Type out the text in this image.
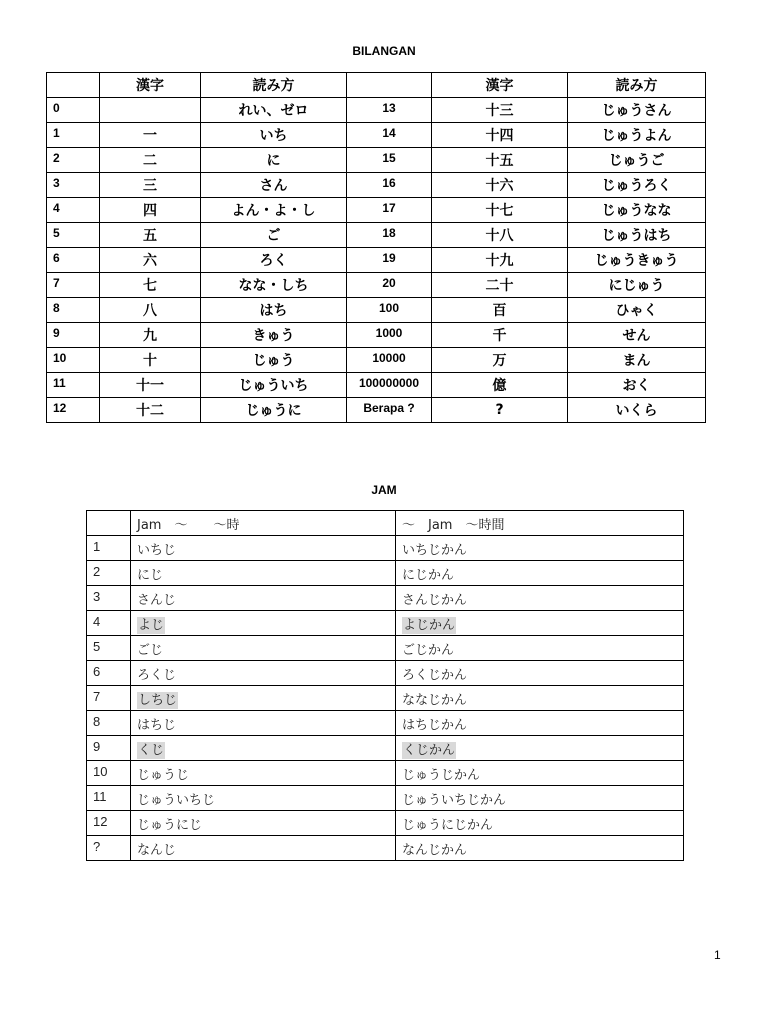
BILANGAN
	漢字	読み方		漢字	読み方
0		れい、ゼロ	13	十三	じゅうさん
1	一	いち	14	十四	じゅうよん
2	二	に	15	十五	じゅうご
3	三	さん	16	十六	じゅうろく
4	四	よん・よ・し	17	十七	じゅうなな
5	五	ご	18	十八	じゅうはち
6	六	ろく	19	十九	じゅうきゅう
7	七	なな・しち	20	二十	にじゅう
8	八	はち	100	百	ひゃく
9	九	きゅう	1000	千	せん
10	十	じゅう	10000	万	まん
11	十一	じゅういち	100000000	億	おく
12	十二	じゅうに	Berapa ?	?	いくら
JAM
	Jam　～　　～時	～　Jam　～時間
1	いちじ	いちじかん
2	にじ	にじかん
3	さんじ	さんじかん
4	よじ	よじかん
5	ごじ	ごじかん
6	ろくじ	ろくじかん
7	しちじ	ななじかん
8	はちじ	はちじかん
9	くじ	くじかん
10	じゅうじ	じゅうじかん
11	じゅういちじ	じゅういちじかん
12	じゅうにじ	じゅうにじかん
?	なんじ	なんじかん
1
